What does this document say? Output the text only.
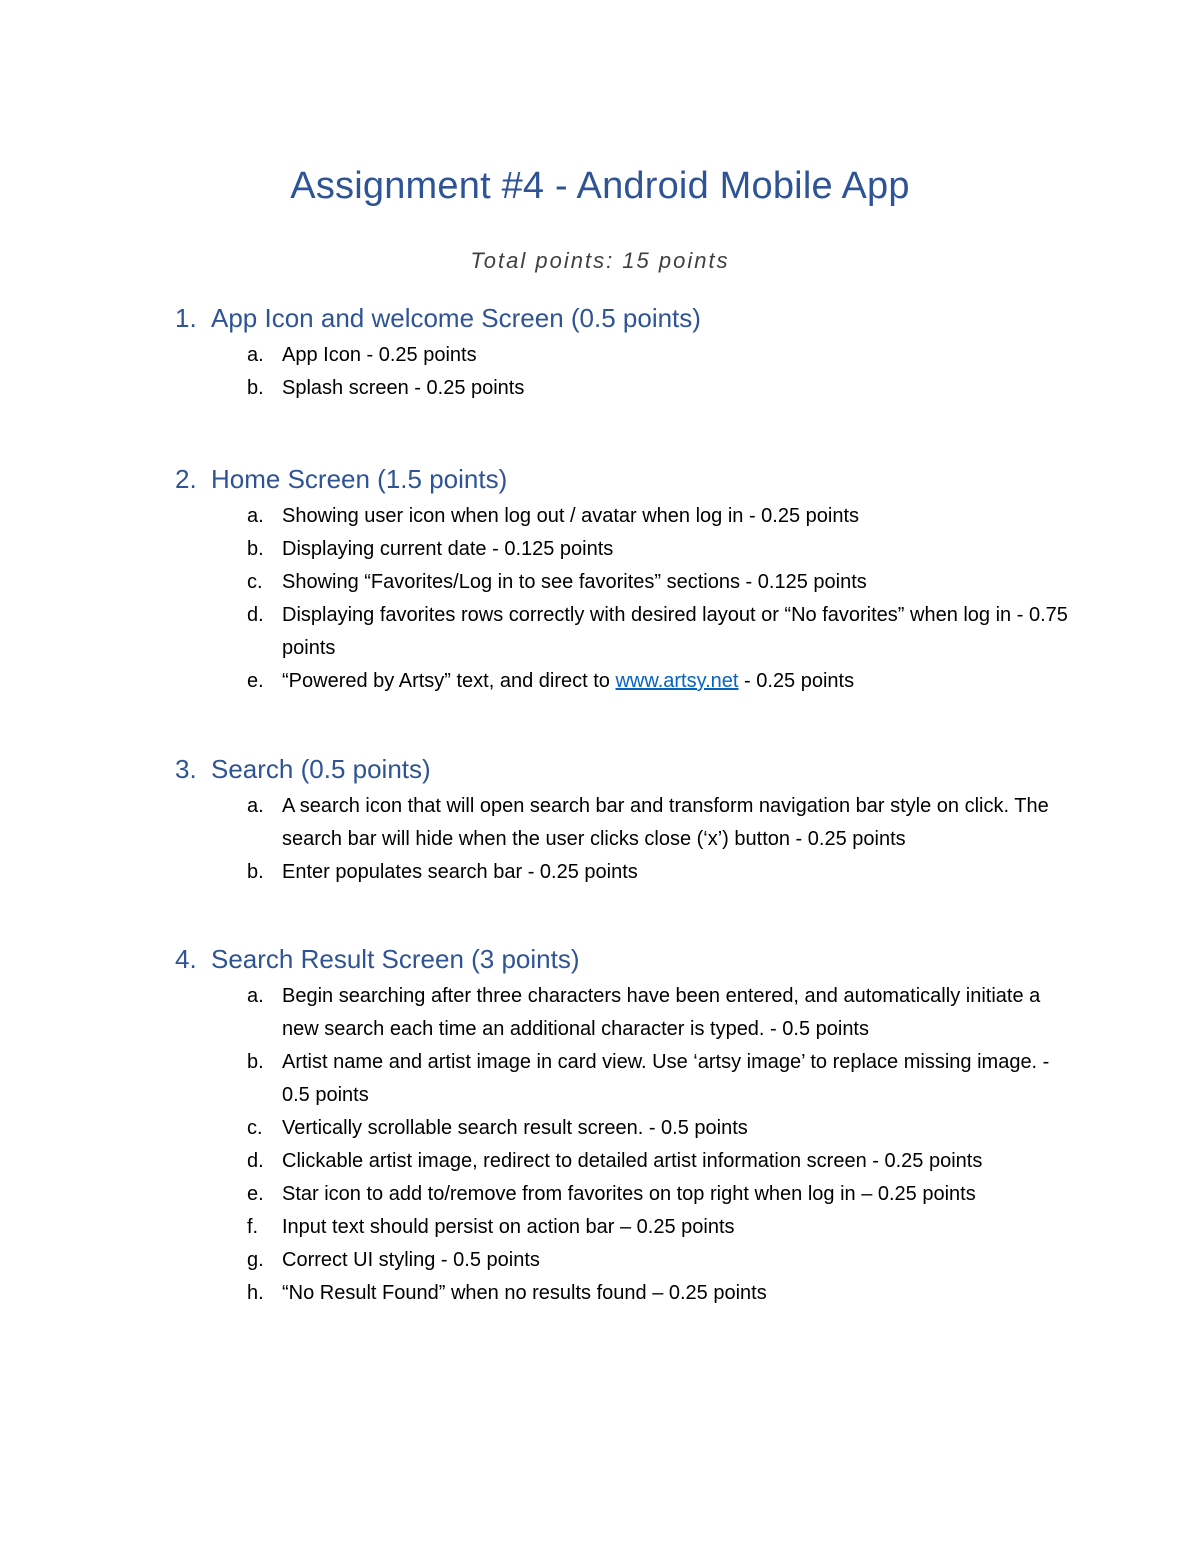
Assignment #4 - Android Mobile App
Total points: 15 points
1. App Icon and welcome Screen (0.5 points)
a. App Icon - 0.25 points
b. Splash screen - 0.25 points
2. Home Screen (1.5 points)
a. Showing user icon when log out / avatar when log in - 0.25 points
b. Displaying current date - 0.125 points
c. Showing “Favorites/Log in to see favorites” sections - 0.125 points
d. Displaying favorites rows correctly with desired layout or “No favorites” when log in - 0.75 points
e. “Powered by Artsy” text, and direct to www.artsy.net - 0.25 points
3. Search (0.5 points)
a. A search icon that will open search bar and transform navigation bar style on click. The search bar will hide when the user clicks close (‘x’) button - 0.25 points
b. Enter populates search bar - 0.25 points
4. Search Result Screen (3 points)
a. Begin searching after three characters have been entered, and automatically initiate a new search each time an additional character is typed. - 0.5 points
b. Artist name and artist image in card view. Use ‘artsy image’ to replace missing image. - 0.5 points
c. Vertically scrollable search result screen. - 0.5 points
d. Clickable artist image, redirect to detailed artist information screen - 0.25 points
e. Star icon to add to/remove from favorites on top right when log in – 0.25 points
f.	Input text should persist on action bar – 0.25 points
g. Correct UI styling - 0.5 points
h. “No Result Found” when no results found – 0.25 points
